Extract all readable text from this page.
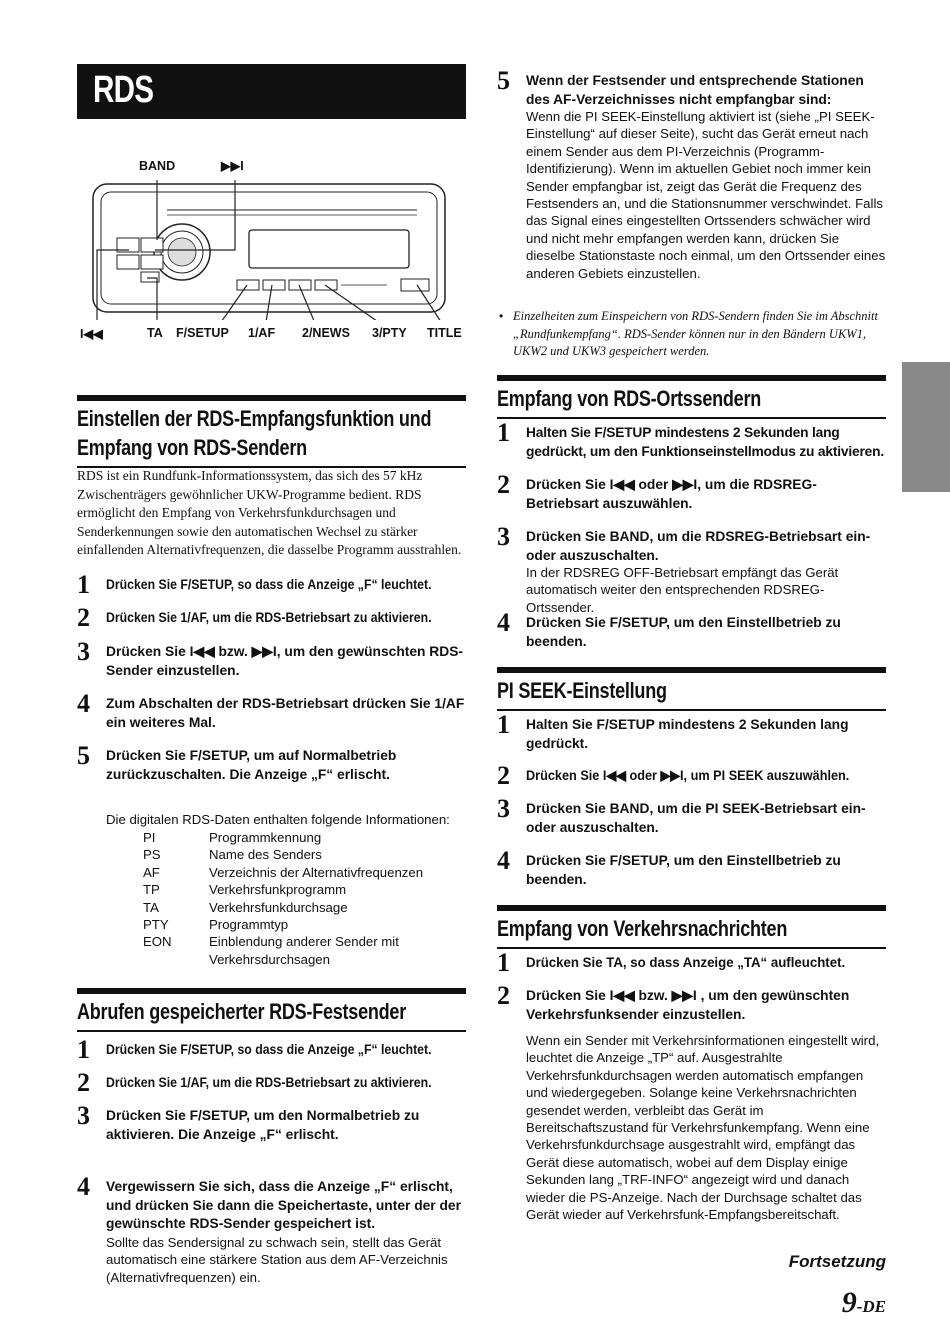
RDS
BAND	▶▶I
I◀◀	TA F/SETUP 1/AF 2/NEWS 3/PTY TITLE
Einstellen der RDS-Empfangsfunktion und
Empfang von RDS-Sendern
RDS ist ein Rundfunk-Informationssystem, das sich des 57 kHz Zwischenträgers gewöhnlicher UKW-Programme bedient. RDS ermöglicht den Empfang von Verkehrsfunkdurchsagen und Senderkennungen sowie den automatischen Wechsel zu stärker einfallenden Alternativfrequenzen, die dasselbe Programm ausstrahlen.
1 Drücken Sie F/SETUP, so dass die Anzeige „F“ leuchtet.
2 Drücken Sie 1/AF, um die RDS-Betriebsart zu aktivieren.
3 Drücken Sie I◀◀ bzw. ▶▶I, um den gewünschten RDS-Sender einzustellen.
4 Zum Abschalten der RDS-Betriebsart drücken Sie 1/AF ein weiteres Mal.
5 Drücken Sie F/SETUP, um auf Normalbetrieb zurückzuschalten. Die Anzeige „F“ erlischt.
Die digitalen RDS-Daten enthalten folgende Informationen:
PI	Programmkennung
PS	Name des Senders
AF	Verzeichnis der Alternativfrequenzen
TP	Verkehrsfunkprogramm
TA	Verkehrsfunkdurchsage
PTY	Programmtyp
EON	Einblendung anderer Sender mit Verkehrsdurchsagen
Abrufen gespeicherter RDS-Festsender
1 Drücken Sie F/SETUP, so dass die Anzeige „F“ leuchtet.
2 Drücken Sie 1/AF, um die RDS-Betriebsart zu aktivieren.
3 Drücken Sie F/SETUP, um den Normalbetrieb zu aktivieren. Die Anzeige „F“ erlischt.
4 Vergewissern Sie sich, dass die Anzeige „F“ erlischt, und drücken Sie dann die Speichertaste, unter der der gewünschte RDS-Sender gespeichert ist.
Sollte das Sendersignal zu schwach sein, stellt das Gerät automatisch eine stärkere Station aus dem AF-Verzeichnis (Alternativfrequenzen) ein.
5 Wenn der Festsender und entsprechende Stationen des AF-Verzeichnisses nicht empfangbar sind:
Wenn die PI SEEK-Einstellung aktiviert ist (siehe „PI SEEK-Einstellung“ auf dieser Seite), sucht das Gerät erneut nach einem Sender aus dem PI-Verzeichnis (Programm-Identifizierung). Wenn im aktuellen Gebiet noch immer kein Sender empfangbar ist, zeigt das Gerät die Frequenz des Festsenders an, und die Stationsnummer verschwindet. Falls das Signal eines eingestellten Ortssenders schwächer wird und nicht mehr empfangen werden kann, drücken Sie dieselbe Stationstaste noch einmal, um den Ortssender eines anderen Gebiets einzustellen.
• Einzelheiten zum Einspeichern von RDS-Sendern finden Sie im Abschnitt „Rundfunkempfang“. RDS-Sender können nur in den Bändern UKW1, UKW2 und UKW3 gespeichert werden.
Empfang von RDS-Ortssendern
1 Halten Sie F/SETUP mindestens 2 Sekunden lang gedrückt, um den Funktionseinstellmodus zu aktivieren.
2 Drücken Sie I◀◀ oder ▶▶I, um die RDSREG-Betriebsart auszuwählen.
3 Drücken Sie BAND, um die RDSREG-Betriebsart ein- oder auszuschalten.
In der RDSREG OFF-Betriebsart empfängt das Gerät automatisch weiter den entsprechenden RDSREG-Ortssender.
4 Drücken Sie F/SETUP, um den Einstellbetrieb zu beenden.
PI SEEK-Einstellung
1 Halten Sie F/SETUP mindestens 2 Sekunden lang gedrückt.
2 Drücken Sie I◀◀ oder ▶▶I, um PI SEEK auszuwählen.
3 Drücken Sie BAND, um die PI SEEK-Betriebsart ein- oder auszuschalten.
4 Drücken Sie F/SETUP, um den Einstellbetrieb zu beenden.
Empfang von Verkehrsnachrichten
1 Drücken Sie TA, so dass Anzeige „TA“ aufleuchtet.
2 Drücken Sie I◀◀ bzw. ▶▶I , um den gewünschten Verkehrsfunksender einzustellen.
Wenn ein Sender mit Verkehrsinformationen eingestellt wird, leuchtet die Anzeige „TP“ auf. Ausgestrahlte Verkehrsfunkdurchsagen werden automatisch empfangen und wiedergegeben. Solange keine Verkehrsnachrichten gesendet werden, verbleibt das Gerät im Bereitschaftszustand für Verkehrsfunkempfang. Wenn eine Verkehrsfunkdurchsage ausgestrahlt wird, empfängt das Gerät diese automatisch, wobei auf dem Display einige Sekunden lang „TRF-INFO“ angezeigt wird und danach wieder die PS-Anzeige. Nach der Durchsage schaltet das Gerät wieder auf Verkehrsfunk-Empfangsbereitschaft.
Fortsetzung
9-DE
